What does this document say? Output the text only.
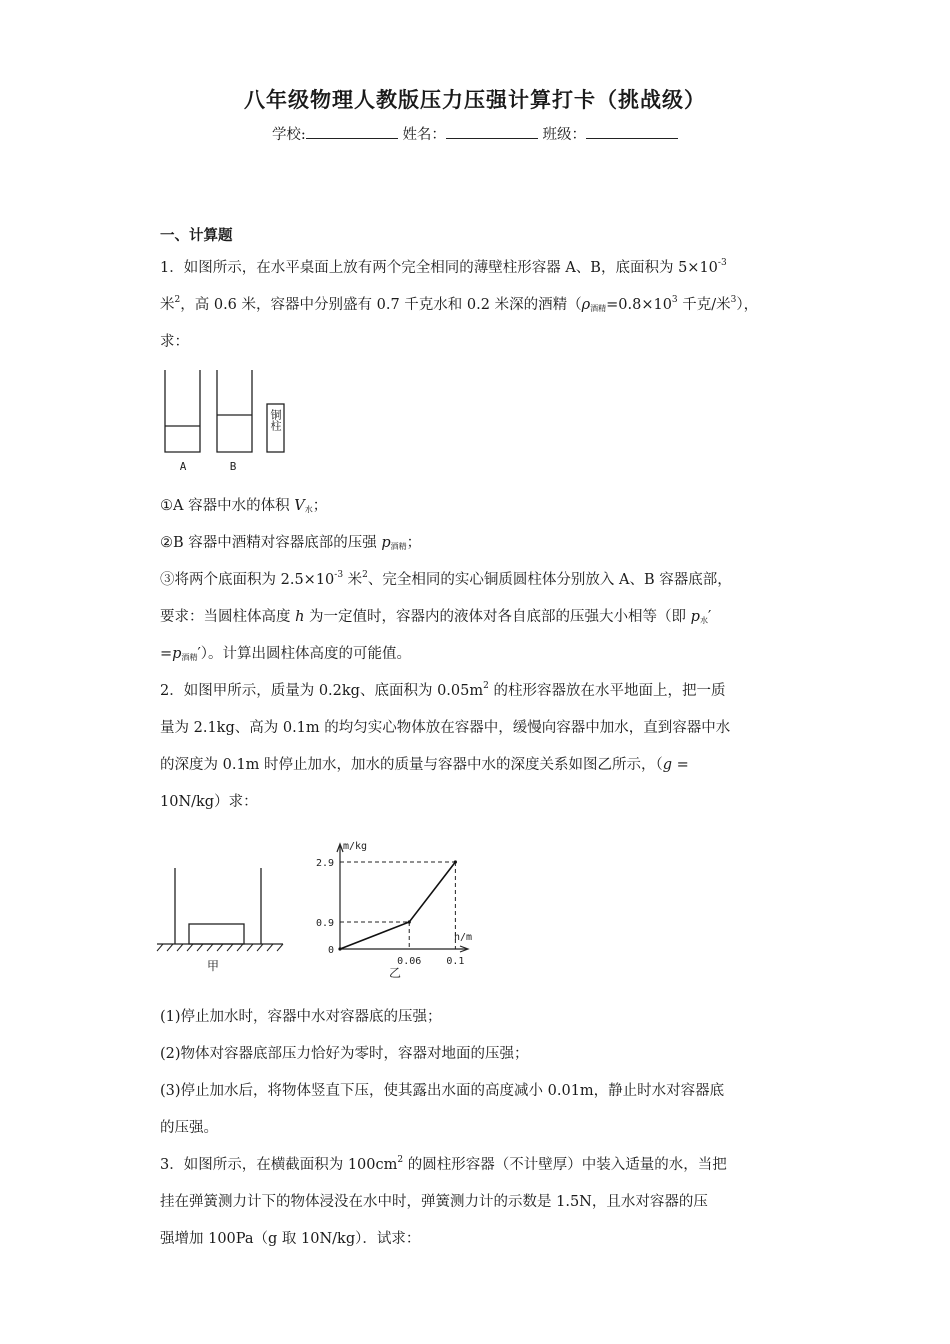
八年级物理人教版压力压强计算打卡（挑战级）
学校:	姓名：	班级：
一、计算题
1．如图所示，在水平桌面上放有两个完全相同的薄壁柱形容器 A、B，底面积为 $5\times 10^{-3}$
米$^2$，高 0.6 米，容器中分别盛有 0.7 千克水和 0.2 米深的酒精（$\rho_{酒精}=0.8\times 10^3$ 千克/米$^3$），
求：
A	B
铜柱
①A 容器中水的体积 $V_水$；
②B 容器中酒精对容器底部的压强 $p_{酒精}$；
③将两个底面积为 $2.5\times 10^{-3}$ 米$^2$、完全相同的实心铜质圆柱体分别放入 A、B 容器底部，
要求：当圆柱体高度 h 为一定值时，容器内的液体对各自底部的压强大小相等（即 $p_水'$
$=p_{酒精}'$）。计算出圆柱体高度的可能值。
2．如图甲所示，质量为 0.2kg、底面积为 $0.05m^2$ 的柱形容器放在水平地面上，把一质
量为 2.1kg、高为 0.1m 的均匀实心物体放在容器中，缓慢向容器中加水，直到容器中水
的深度为 0.1m 时停止加水，加水的质量与容器中水的深度关系如图乙所示，（g =
10N/kg）求：
甲	0.06	0.1
2.9
0.9
m/kg
h/m
0
乙
(1)停止加水时，容器中水对容器底的压强；
(2)物体对容器底部压力恰好为零时，容器对地面的压强；
(3)停止加水后，将物体竖直下压，使其露出水面的高度减小 0.01m，静止时水对容器底
的压强。
3．如图所示，在横截面积为 $100cm^2$ 的圆柱形容器（不计壁厚）中装入适量的水，当把
挂在弹簧测力计下的物体浸没在水中时，弹簧测力计的示数是 1.5N，且水对容器的压
强增加 100Pa（g 取 10N/kg）．试求：
